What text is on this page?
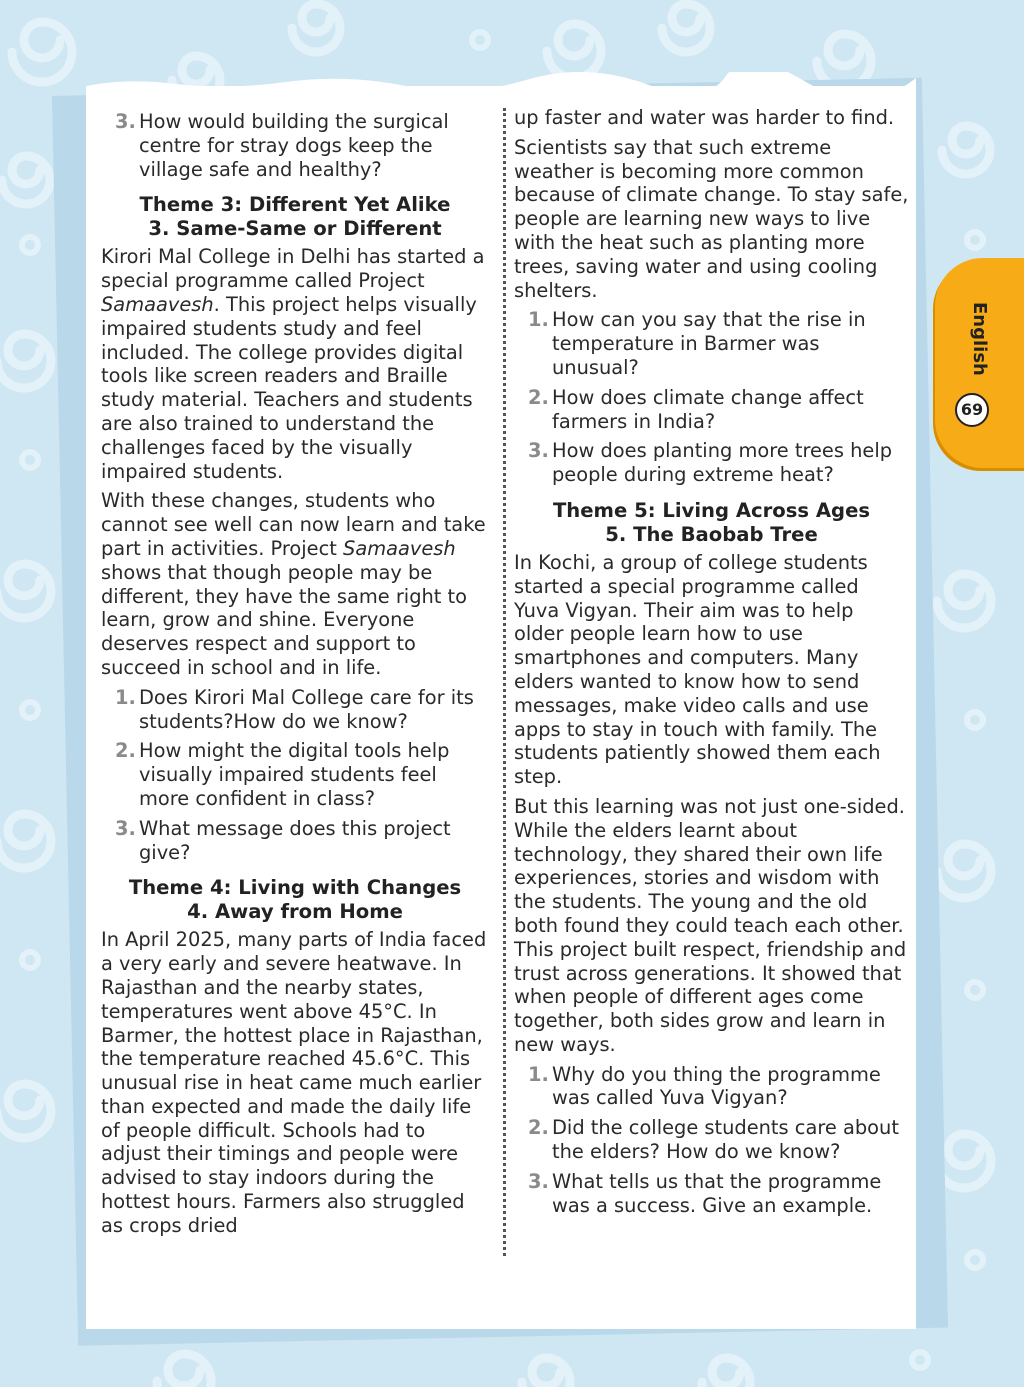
3. How would building the surgical centre for stray dogs keep the village safe and healthy?
Theme 3: Different Yet Alike
3. Same-Same or Different

Kirori Mal College in Delhi has started a special programme called Project Samaavesh. This project helps visually impaired students study and feel included. The college provides digital tools like screen readers and Braille study material. Teachers and students are also trained to understand the challenges faced by the visually impaired students.

With these changes, students who cannot see well can now learn and take part in activities. Project Samaavesh shows that though people may be different, they have the same right to learn, grow and shine. Everyone deserves respect and support to succeed in school and in life.

1. Does Kirori Mal College care for its students?How do we know?
2. How might the digital tools help visually impaired students feel more confident in class?
3. What message does this project give?
Theme 4: Living with Changes
4. Away from Home

In April 2025, many parts of India faced a very early and severe heatwave. In Rajasthan and the nearby states, temperatures went above 45°C. In Barmer, the hottest place in Rajasthan, the temperature reached 45.6°C. This unusual rise in heat came much earlier than expected and made the daily life of people difficult. Schools had to adjust their timings and people were advised to stay indoors during the hottest hours. Farmers also struggled as crops dried

up faster and water was harder to find.

Scientists say that such extreme weather is becoming more common because of climate change. To stay safe, people are learning new ways to live with the heat such as planting more trees, saving water and using cooling shelters.

1. How can you say that the rise in temperature in Barmer was unusual?
2. How does climate change affect farmers in India?
3. How does planting more trees help people during extreme heat?
Theme 5: Living Across Ages
5. The Baobab Tree

In Kochi, a group of college students started a special programme called Yuva Vigyan. Their aim was to help older people learn how to use smartphones and computers. Many elders wanted to know how to send messages, make video calls and use apps to stay in touch with family. The students patiently showed them each step.

But this learning was not just one-sided. While the elders learnt about technology, they shared their own life experiences, stories and wisdom with the students. The young and the old both found they could teach each other. This project built respect, friendship and trust across generations. It showed that when people of different ages come together, both sides grow and learn in new ways.

1. Why do you thing the programme was called Yuva Vigyan?
2. Did the college students care about the elders? How do we know?
3. What tells us that the programme was a success. Give an example.
English
69
